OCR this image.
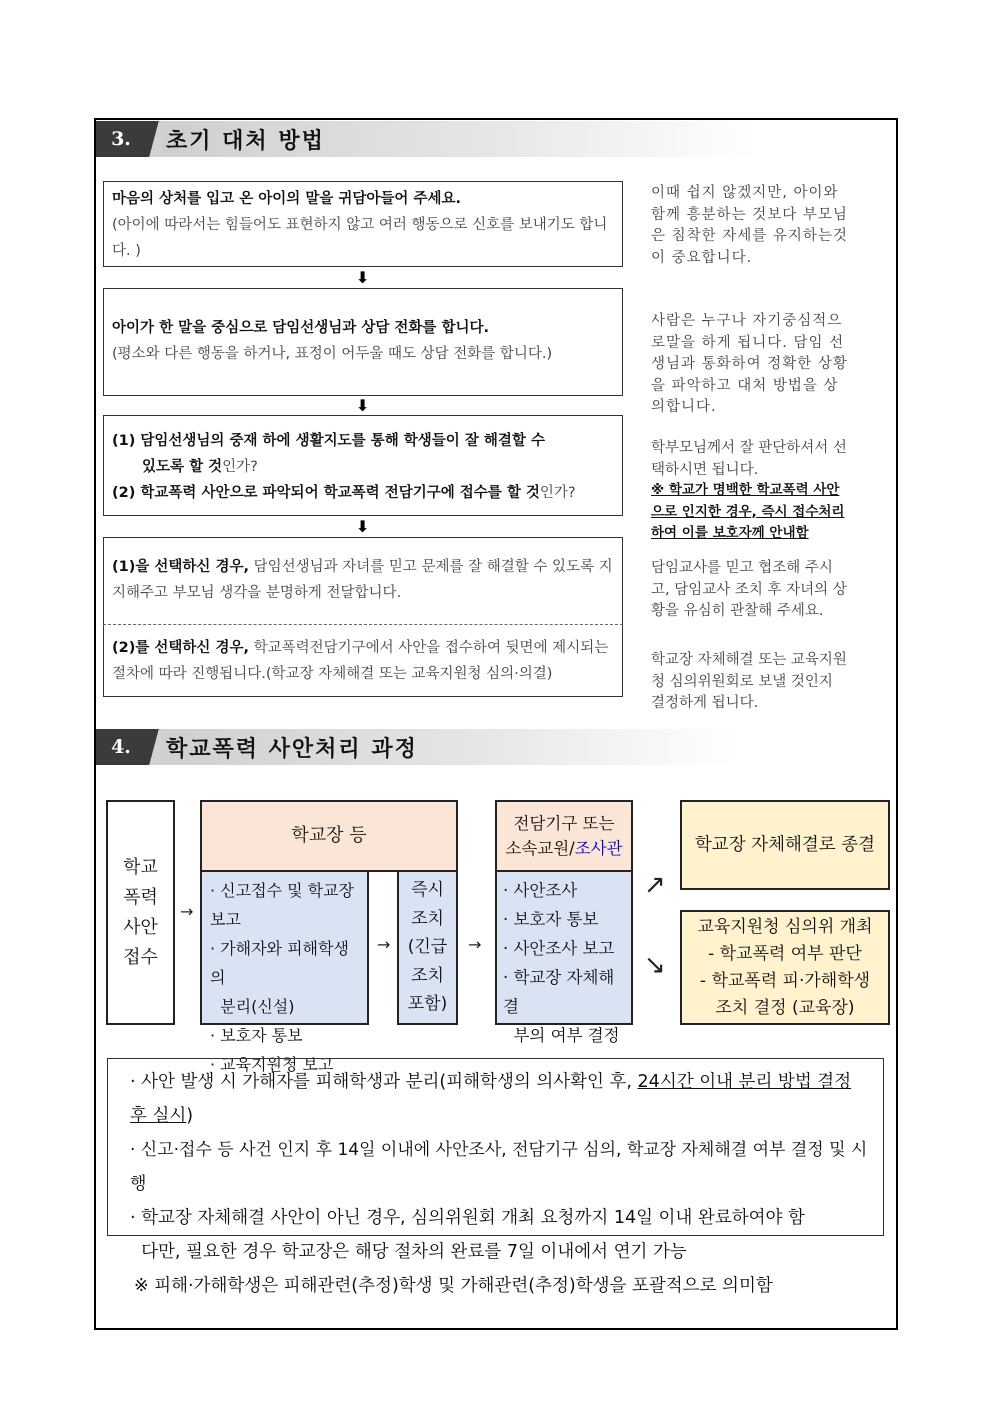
3.	초기 대처 방법
마음의 상처를 입고 온 아이의 말을 귀담아들어 주세요.
(아이에 따라서는 힘들어도 표현하지 않고 여러 행동으로 신호를 보내기도 합니다. )
⬇
아이가 한 말을 중심으로 담임선생님과 상담 전화를 합니다.
(평소와 다른 행동을 하거나, 표정이 어두울 때도 상담 전화를 합니다.)
⬇
(1) 담임선생님의 중재 하에 생활지도를 통해 학생들이 잘 해결할 수
있도록 할 것인가?
(2) 학교폭력 사안으로 파악되어 학교폭력 전담기구에 접수를 할 것인가?
⬇
(1)을 선택하신 경우, 담임선생님과 자녀를 믿고 문제를 잘 해결할 수 있도록 지지해주고 부모님 생각을 분명하게 전달합니다.
(2)를 선택하신 경우, 학교폭력전담기구에서 사안을 접수하여 뒷면에 제시되는 절차에 따라 진행됩니다.(학교장 자체해결 또는 교육지원청 심의·의결)
이때 쉽지 않겠지만, 아이와 함께 흥분하는 것보다 부모님은 침착한 자세를 유지하는것이 중요합니다.
사람은 누구나 자기중심적으로말을 하게 됩니다. 담임 선생님과 통화하여 정확한 상황을 파악하고 대처 방법을 상의합니다.
학부모님께서 잘 판단하셔서 선택하시면 됩니다.
※ 학교가 명백한 학교폭력 사안으로 인지한 경우, 즉시 접수처리하여 이를 보호자께 안내함
담임교사를 믿고 협조해 주시고, 담임교사 조치 후 자녀의 상황을 유심히 관찰해 주세요.
학교장 자체해결 또는 교육지원청 심의위원회로 보낼 것인지 결정하게 됩니다.
4.	학교폭력 사안처리 과정
학교
폭력
사안
접수
→
학교장 등
· 신고접수 및 학교장 보고
· 가해자와 피해학생의
분리(신설)
· 보호자 통보
· 교육지원청 보고
→
즉시
조치
(긴급
조치
포함)
→
전담기구 또는
소속교원/조사관
· 사안조사
· 보호자 통보
· 사안조사 보고
· 학교장 자체해결
부의 여부 결정
↗
↘
학교장 자체해결로 종결
교육지원청 심의위 개최
- 학교폭력 여부 판단
- 학교폭력 피·가해학생
조치 결정 (교육장)
· 사안 발생 시 가해자를 피해학생과 분리(피해학생의 의사확인 후, 24시간 이내 분리 방법 결정 후 실시)
· 신고·접수 등 사건 인지 후 14일 이내에 사안조사, 전담기구 심의, 학교장 자체해결 여부 결정 및 시행
· 학교장 자체해결 사안이 아닌 경우, 심의위원회 개최 요청까지 14일 이내 완료하여야 함
다만, 필요한 경우 학교장은 해당 절차의 완료를 7일 이내에서 연기 가능
※ 피해·가해학생은 피해관련(추정)학생 및 가해관련(추정)학생을 포괄적으로 의미함
